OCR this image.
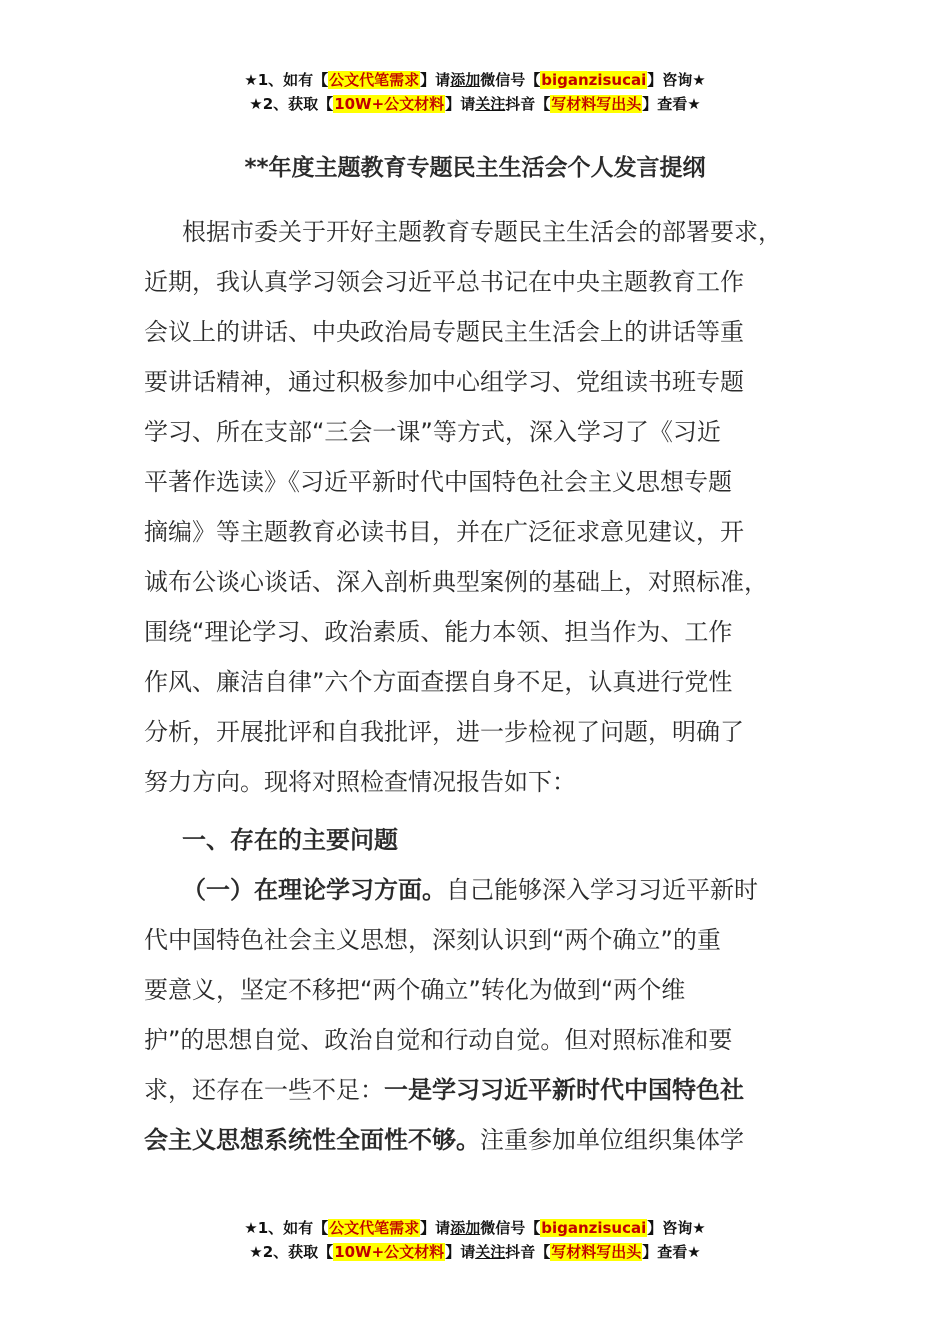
★1、如有【公文代笔需求】请添加微信号【biganzisucai】咨询★
★2、获取【10W+公文材料】请关注抖音【写材料写出头】查看★
**年度主题教育专题民主生活会个人发言提纲
根据市委关于开好主题教育专题民主生活会的部署要求，
近期，我认真学习领会习近平总书记在中央主题教育工作
会议上的讲话、中央政治局专题民主生活会上的讲话等重
要讲话精神，通过积极参加中心组学习、党组读书班专题
学习、所在支部“三会一课”等方式，深入学习了《习近
平著作选读》《习近平新时代中国特色社会主义思想专题
摘编》等主题教育必读书目，并在广泛征求意见建议，开
诚布公谈心谈话、深入剖析典型案例的基础上，对照标准，
围绕“理论学习、政治素质、能力本领、担当作为、工作
作风、廉洁自律”六个方面查摆自身不足，认真进行党性
分析，开展批评和自我批评，进一步检视了问题，明确了
努力方向。现将对照检查情况报告如下：
一、存在的主要问题
（一）在理论学习方面。自己能够深入学习习近平新时
代中国特色社会主义思想，深刻认识到“两个确立”的重
要意义，坚定不移把“两个确立”转化为做到“两个维
护”的思想自觉、政治自觉和行动自觉。但对照标准和要
求，还存在一些不足：一是学习习近平新时代中国特色社
会主义思想系统性全面性不够。注重参加单位组织集体学
★1、如有【公文代笔需求】请添加微信号【biganzisucai】咨询★
★2、获取【10W+公文材料】请关注抖音【写材料写出头】查看★
